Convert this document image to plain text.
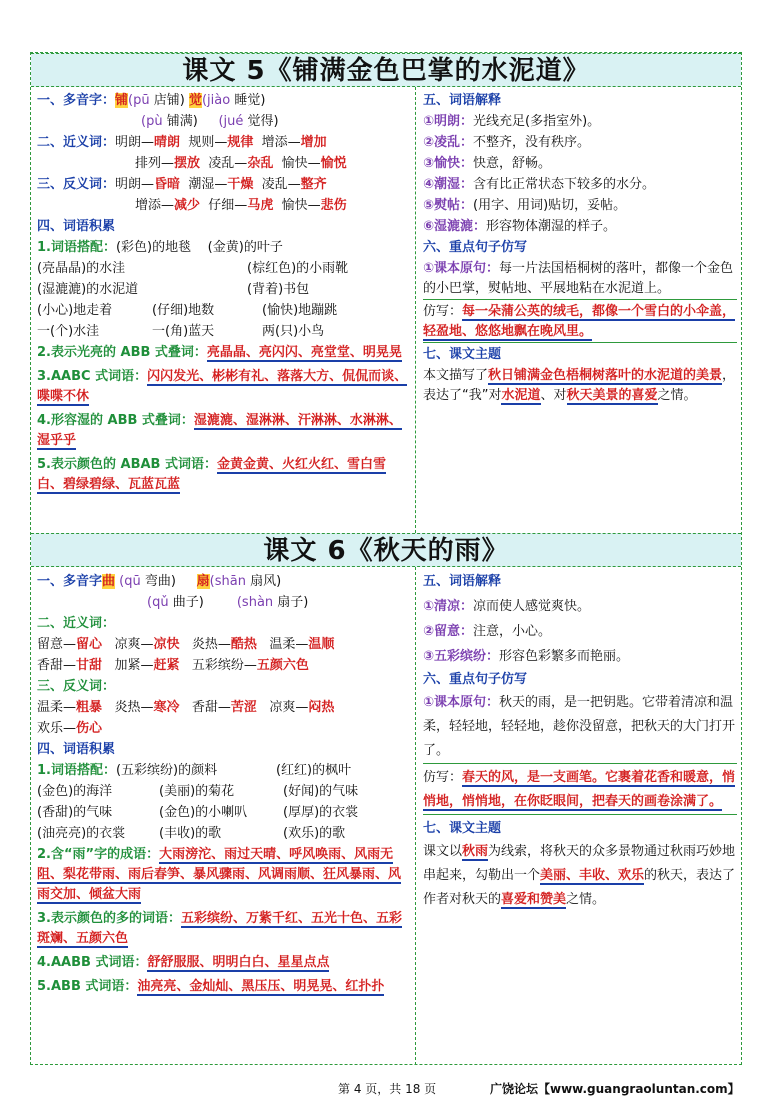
课文 5《铺满金色巴掌的水泥道》
一、多音字：铺(pū 店铺) 觉(jiào 睡觉)
(pù 铺满) (jué 觉得)
二、近义词：明朗—晴朗 规则—规律 增添—增加
排列—摆放 凌乱—杂乱 愉快—愉悦
三、反义词：明朗—昏暗 潮湿—干燥 凌乱—整齐
增添—减少 仔细—马虎 愉快—悲伤
四、词语积累
1.词语搭配：(彩色)的地毯 (金黄)的叶子
(亮晶晶)的水洼	(棕红色)的小雨靴
(湿漉漉)的水泥道	(背着)书包
(小心)地走着	(仔细)地数	(愉快)地蹦跳
一(个)水洼	一(角)蓝天	两(只)小鸟
2.表示光亮的 ABB 式叠词：亮晶晶、亮闪闪、亮堂堂、明晃晃
3.AABC 式词语：闪闪发光、彬彬有礼、落落大方、侃侃而谈、喋喋不休
4.形容湿的 ABB 式叠词：湿漉漉、湿淋淋、汗淋淋、水淋淋、湿乎乎
5.表示颜色的 ABAB 式词语：金黄金黄、火红火红、雪白雪白、碧绿碧绿、瓦蓝瓦蓝
五、词语解释
①明朗：光线充足(多指室外)。
②凌乱：不整齐，没有秩序。
③愉快：快意，舒畅。
④潮湿：含有比正常状态下较多的水分。
⑤熨帖：(用字、用词)贴切，妥帖。
⑥湿漉漉：形容物体潮湿的样子。
六、重点句子仿写
①课本原句：每一片法国梧桐树的落叶，都像一个金色的小巴掌，熨帖地、平展地粘在水泥道上。
仿写：每一朵蒲公英的绒毛，都像一个雪白的小伞盖，轻盈地、悠悠地飘在晚风里。
七、课文主题
本文描写了秋日铺满金色梧桐树落叶的水泥道的美景，表达了“我”对水泥道、对秋天美景的喜爱之情。
课文 6《秋天的雨》
一、多音字曲 (qū 弯曲) 扇(shān 扇风)
(qǔ 曲子)	(shàn 扇子)
二、近义词：
留意—留心 凉爽—凉快 炎热—酷热 温柔—温顺
香甜—甘甜 加紧—赶紧 五彩缤纷—五颜六色
三、反义词：
温柔—粗暴 炎热—寒冷 香甜—苦涩 凉爽—闷热
欢乐—伤心
四、词语积累
1.词语搭配：(五彩缤纷)的颜料	(红红)的枫叶
(金色)的海洋	(美丽)的菊花	(好闻)的气味
(香甜)的气味	(金色)的小喇叭	(厚厚)的衣裳
(油亮亮)的衣裳	(丰收)的歌	(欢乐)的歌
2.含“雨”字的成语：大雨滂沱、雨过天晴、呼风唤雨、风雨无阻、梨花带雨、雨后春笋、暴风骤雨、风调雨顺、狂风暴雨、风雨交加、倾盆大雨
3.表示颜色的多的词语：五彩缤纷、万紫千红、五光十色、五彩斑斓、五颜六色
4.AABB 式词语：舒舒服服、明明白白、星星点点
5.ABB 式词语：油亮亮、金灿灿、黑压压、明晃晃、红扑扑
五、词语解释
①清凉：凉而使人感觉爽快。
②留意：注意，小心。
③五彩缤纷：形容色彩繁多而艳丽。
六、重点句子仿写
①课本原句：秋天的雨，是一把钥匙。它带着清凉和温柔，轻轻地，轻轻地，趁你没留意，把秋天的大门打开了。
仿写：春天的风，是一支画笔。它裹着花香和暖意，悄悄地，悄悄地，在你眨眼间，把春天的画卷涂满了。
七、课文主题
课文以秋雨为线索，将秋天的众多景物通过秋雨巧妙地串起来，勾勒出一个美丽、丰收、欢乐的秋天，表达了作者对秋天的喜爱和赞美之情。
第 4 页，共 18 页	广饶论坛【www.guangraoluntan.com】
